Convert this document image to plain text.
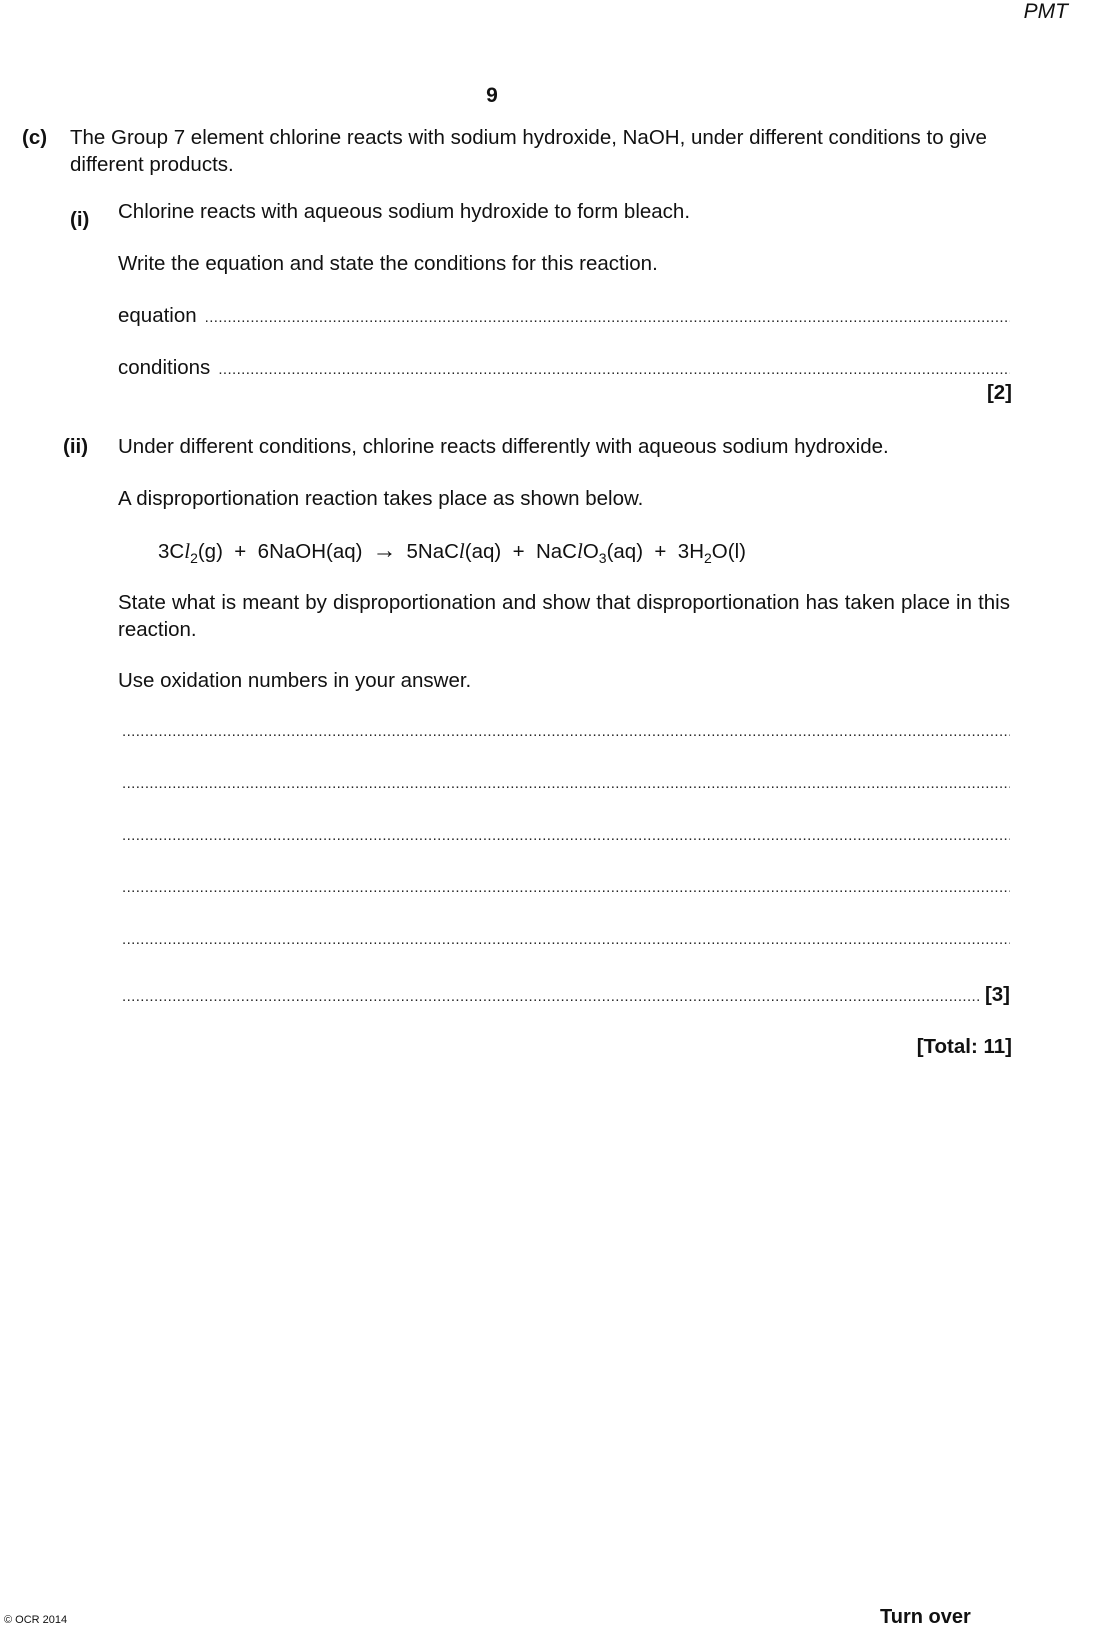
PMT
9
(c) The Group 7 element chlorine reacts with sodium hydroxide, NaOH, under different conditions to give different products.
(i) Chlorine reacts with aqueous sodium hydroxide to form bleach.
Write the equation and state the conditions for this reaction.
equation
.....
conditions
.....
[2]
(ii) Under different conditions, chlorine reacts differently with aqueous sodium hydroxide.
A disproportionation reaction takes place as shown below.
$3Cl_2(g)$  +  6NaOH(aq) → 5NaCl(aq)  +  NaClO$_3$(aq)  +  $3H_2O(l)$
State what is meant by disproportionation and show that disproportionation has taken place in this reaction.
Use oxidation numbers in your answer.
.....
.....
.....
.....
.....
.....
[3]
[Total: 11]
© OCR 2014	Turn over
